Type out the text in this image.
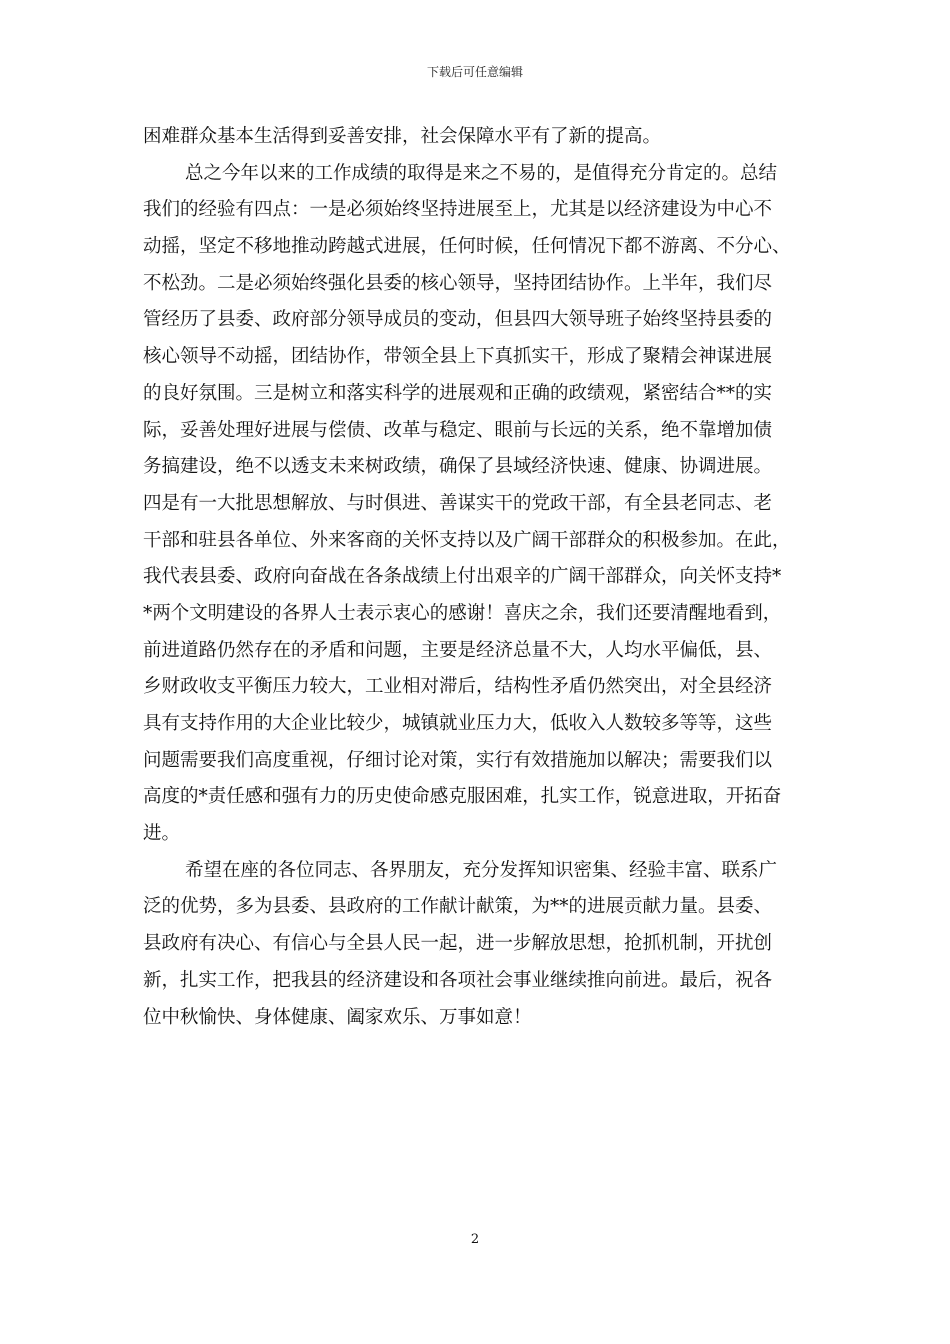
下载后可任意编辑
困难群众基本生活得到妥善安排，社会保障水平有了新的提高。
总之今年以来的工作成绩的取得是来之不易的，是值得充分肯定的。总结
我们的经验有四点：一是必须始终坚持进展至上，尤其是以经济建设为中心不
动摇，坚定不移地推动跨越式进展，任何时候，任何情况下都不游离、不分心、
不松劲。二是必须始终强化县委的核心领导，坚持团结协作。上半年，我们尽
管经历了县委、政府部分领导成员的变动，但县四大领导班子始终坚持县委的
核心领导不动摇，团结协作，带领全县上下真抓实干，形成了聚精会神谋进展
的良好氛围。三是树立和落实科学的进展观和正确的政绩观，紧密结合**的实
际，妥善处理好进展与偿债、改革与稳定、眼前与长远的关系，绝不靠增加债
务搞建设，绝不以透支未来树政绩，确保了县域经济快速、健康、协调进展。
四是有一大批思想解放、与时俱进、善谋实干的党政干部，有全县老同志、老
干部和驻县各单位、外来客商的关怀支持以及广阔干部群众的积极参加。在此，
我代表县委、政府向奋战在各条战绩上付出艰辛的广阔干部群众，向关怀支持*
*两个文明建设的各界人士表示衷心的感谢！喜庆之余，我们还要清醒地看到，
前进道路仍然存在的矛盾和问题，主要是经济总量不大，人均水平偏低，县、
乡财政收支平衡压力较大，工业相对滞后，结构性矛盾仍然突出，对全县经济
具有支持作用的大企业比较少，城镇就业压力大，低收入人数较多等等，这些
问题需要我们高度重视，仔细讨论对策，实行有效措施加以解决；需要我们以
高度的*责任感和强有力的历史使命感克服困难，扎实工作，锐意进取，开拓奋
进。
希望在座的各位同志、各界朋友，充分发挥知识密集、经验丰富、联系广
泛的优势，多为县委、县政府的工作献计献策，为**的进展贡献力量。县委、
县政府有决心、有信心与全县人民一起，进一步解放思想，抢抓机制，开扰创
新，扎实工作，把我县的经济建设和各项社会事业继续推向前进。最后，祝各
位中秋愉快、身体健康、阖家欢乐、万事如意！
2
